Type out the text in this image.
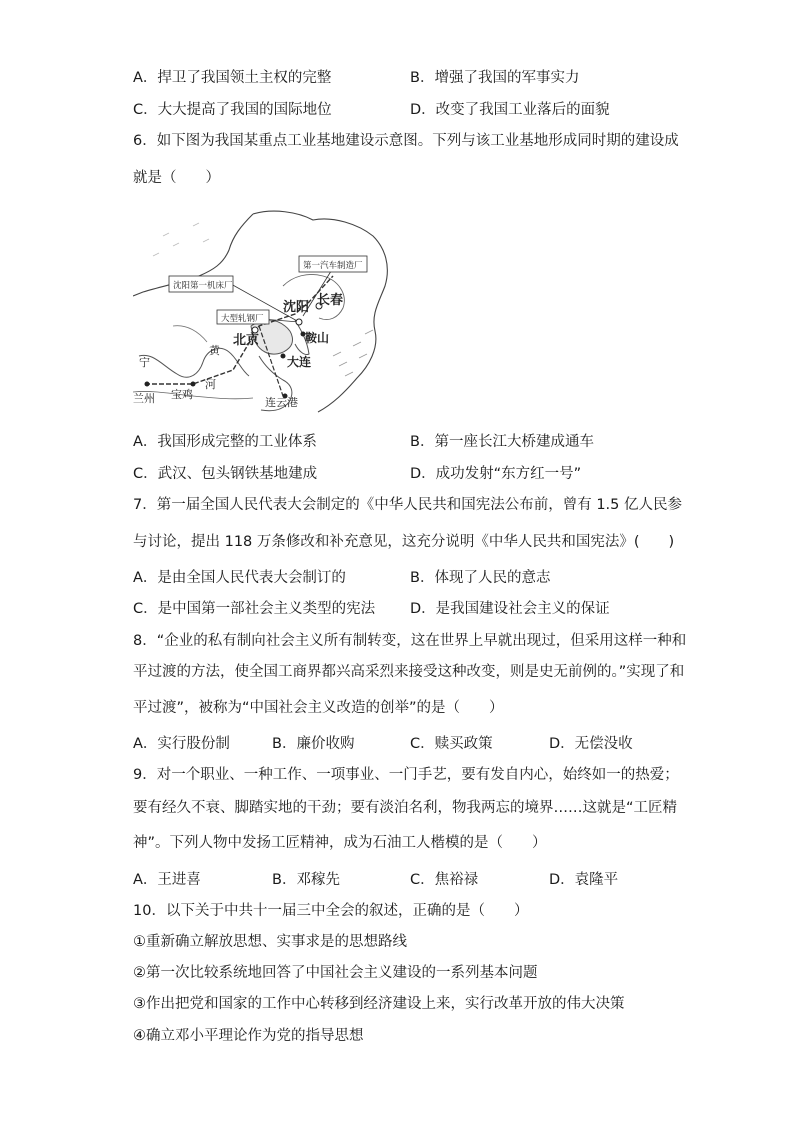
A．捍卫了我国领土主权的完整	B．增强了我国的军事实力
C．大大提高了我国的国际地位	D．改变了我国工业落后的面貌
6．如下图为我国某重点工业基地建设示意图。下列与该工业基地形成同时期的建设成
就是（　　）
第一汽车制造厂
沈阳第一机床厂
大型轧钢厂
沈阳 长春
北京	鞍山
大连
连云港
宝鸡
兰州
黄
河
宁
A．我国形成完整的工业体系	B．第一座长江大桥建成通车
C．武汉、包头钢铁基地建成	D．成功发射“东方红一号”
7．第一届全国人民代表大会制定的《中华人民共和国宪法公布前，曾有 1.5 亿人民参
与讨论，提出 118 万条修改和补充意见，这充分说明《中华人民共和国宪法》(　　)
A．是由全国人民代表大会制订的	B．体现了人民的意志
C．是中国第一部社会主义类型的宪法 D．是我国建设社会主义的保证
8．“企业的私有制向社会主义所有制转变，这在世界上早就出现过，但采用这样一种和
平过渡的方法，使全国工商界都兴高采烈来接受这种改变，则是史无前例的。”实现了和
平过渡”，被称为“中国社会主义改造的创举”的是（　　）
A．实行股份制	B．廉价收购	C．赎买政策	D．无偿没收
9．对一个职业、一种工作、一项事业、一门手艺，要有发自内心，始终如一的热爱；
要有经久不衰、脚踏实地的干劲；要有淡泊名利，物我两忘的境界……这就是“工匠精
神”。下列人物中发扬工匠精神，成为石油工人楷模的是（　　）
A．王进喜	B．邓稼先	C．焦裕禄	D．袁隆平
10．以下关于中共十一届三中全会的叙述，正确的是（　　）
①重新确立解放思想、实事求是的思想路线
②第一次比较系统地回答了中国社会主义建设的一系列基本问题
③作出把党和国家的工作中心转移到经济建设上来，实行改革开放的伟大决策
④确立邓小平理论作为党的指导思想
